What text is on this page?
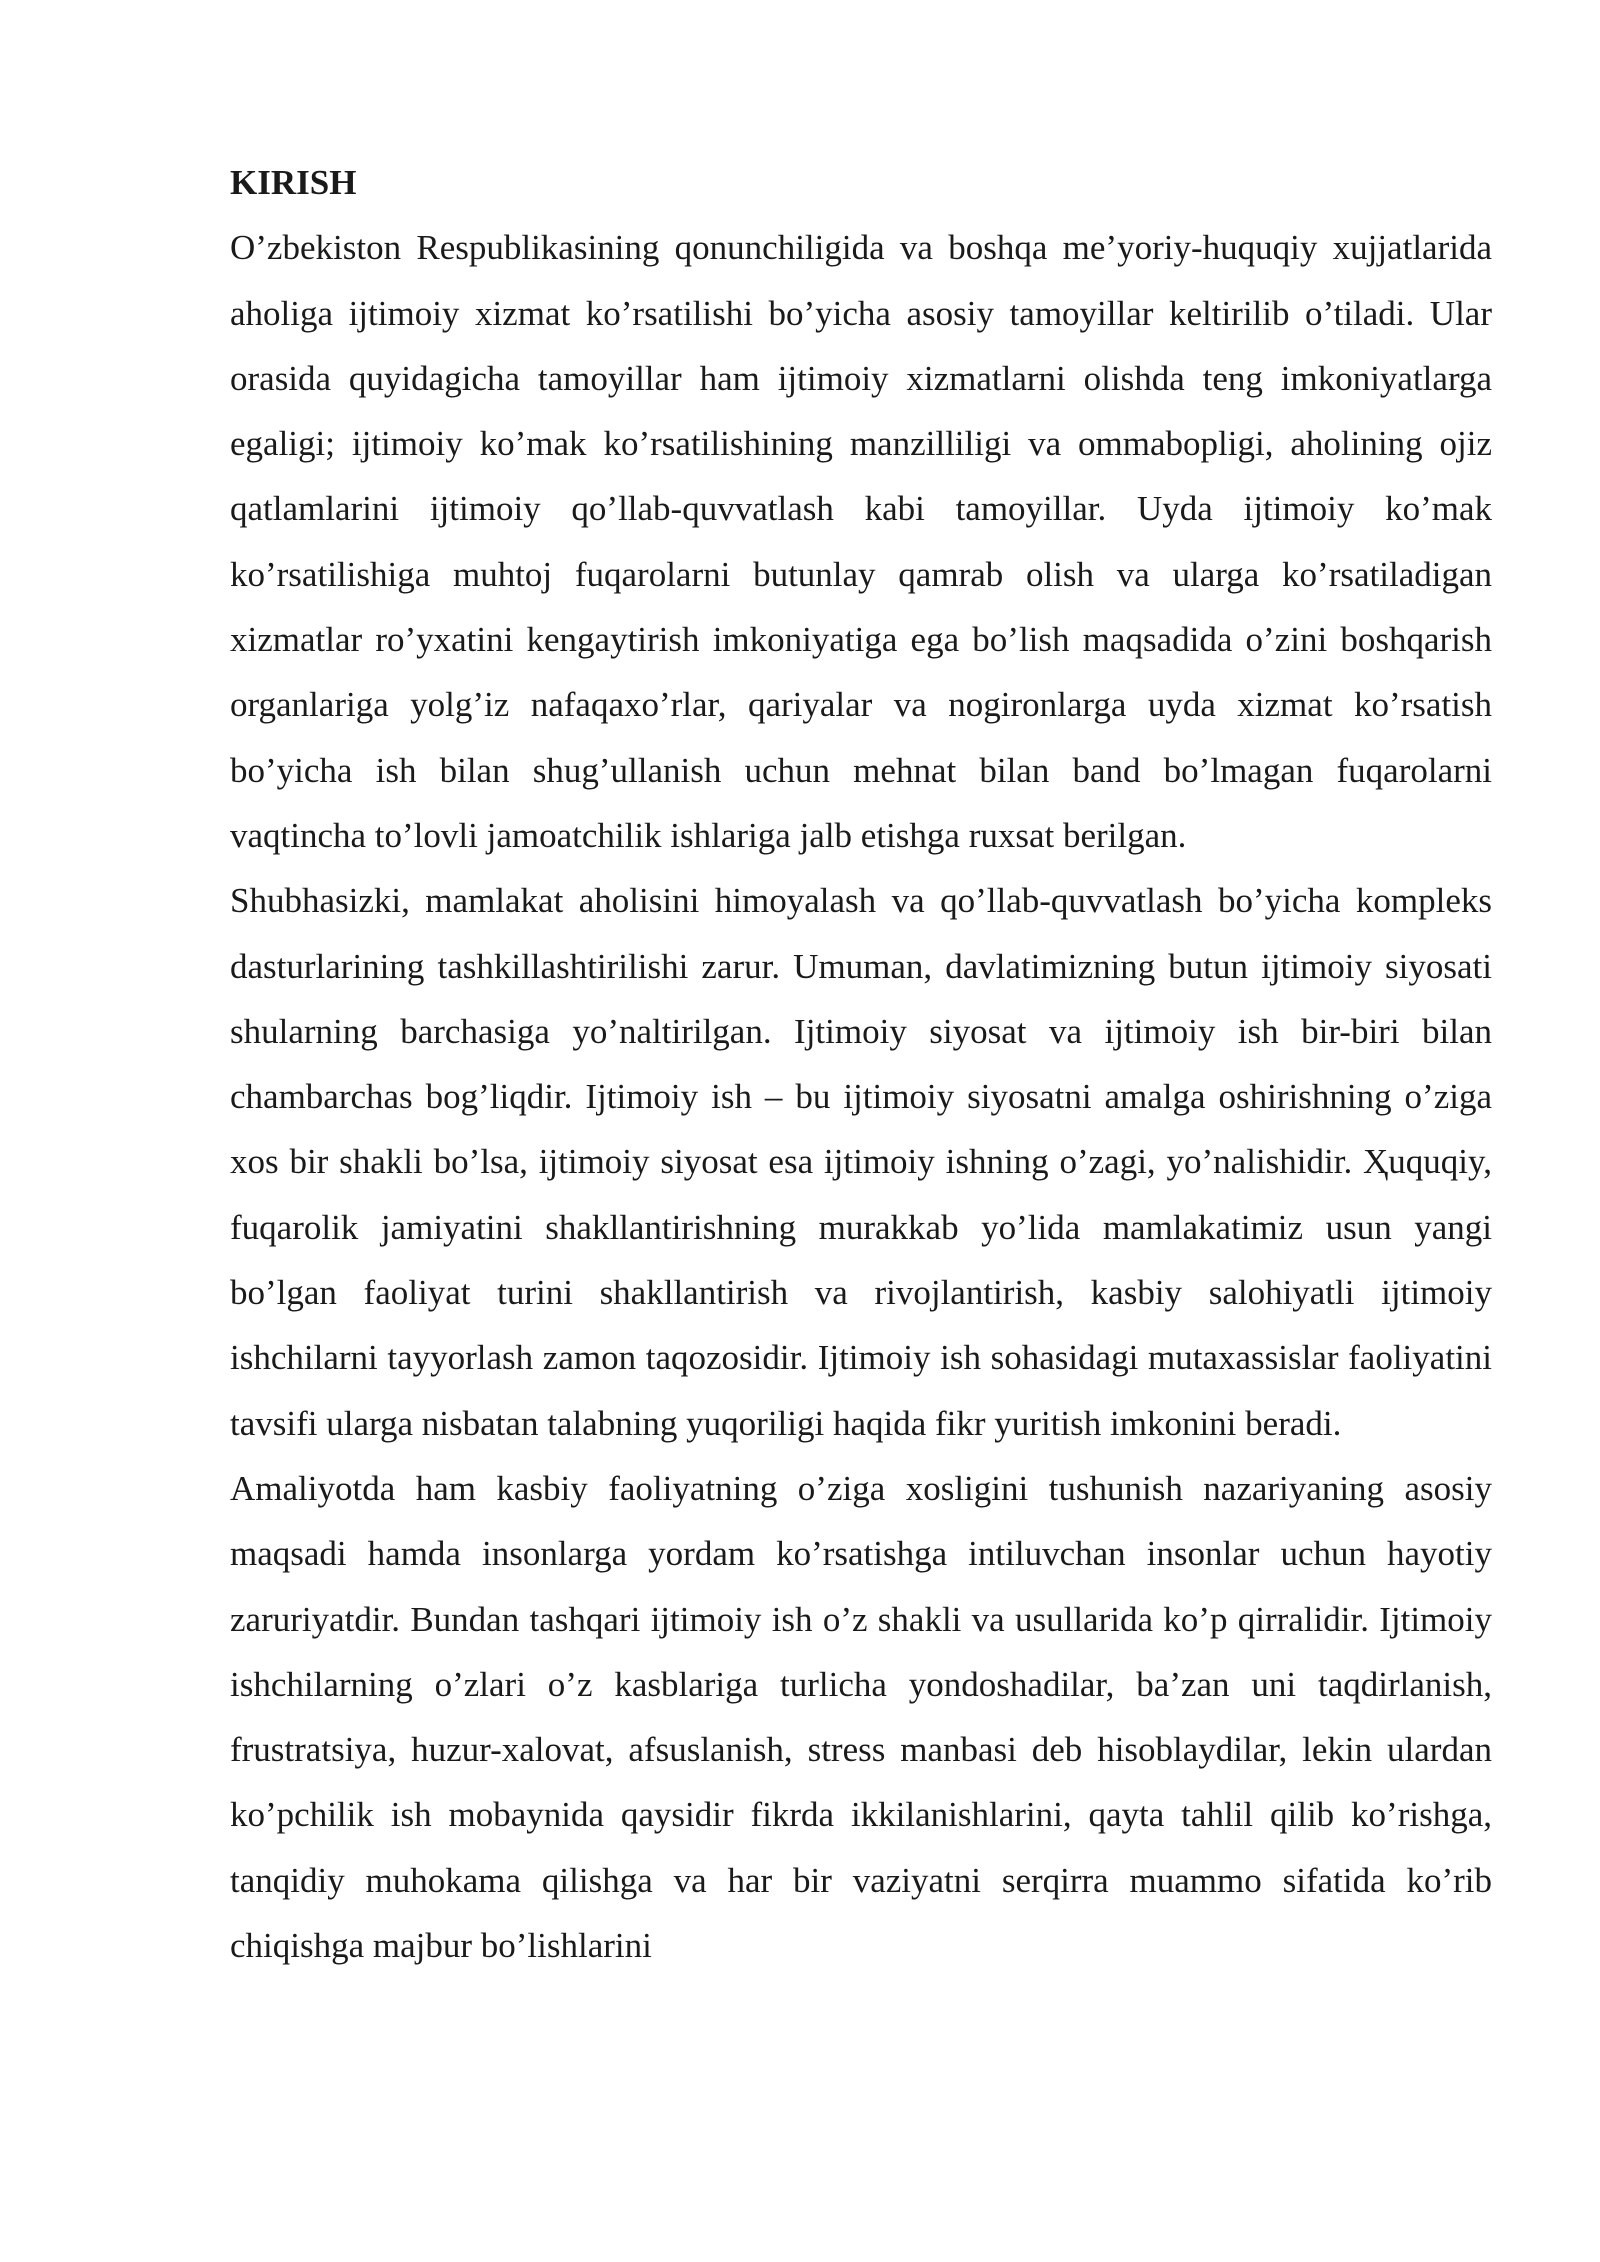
KIRISH

O’zbekiston Respublikasining qonunchiligida va boshqa me’yoriy-huquqiy xujjatlarida aholiga ijtimoiy xizmat ko’rsatilishi bo’yicha asosiy tamoyillar keltirilib o’tiladi. Ular orasida quyidagicha tamoyillar ham ijtimoiy xizmatlarni olishda teng imkoniyatlarga egaligi; ijtimoiy ko’mak ko’rsatilishining manzilliligi va ommabopligi, aholining ojiz qatlamlarini ijtimoiy qo’llab-quvvatlash kabi tamoyillar. Uyda ijtimoiy ko’mak ko’rsatilishiga muhtoj fuqarolarni butunlay qamrab olish va ularga ko’rsatiladigan xizmatlar ro’yxatini kengaytirish imkoniyatiga ega bo’lish maqsadida o’zini boshqarish organlariga yolg’iz nafaqaxo’rlar, qariyalar va nogironlarga uyda xizmat ko’rsatish bo’yicha ish bilan shug’ullanish uchun mehnat bilan band bo’lmagan fuqarolarni vaqtincha to’lovli jamoatchilik ishlariga jalb etishga ruxsat berilgan.

Shubhasizki, mamlakat aholisini himoyalash va qo’llab-quvvatlash bo’yicha kompleks dasturlarining tashkillashtirilishi zarur. Umuman, davlatimizning butun ijtimoiy siyosati shularning barchasiga yo’naltirilgan. Ijtimoiy siyosat va ijtimoiy ish bir-biri bilan chambarchas bog’liqdir. Ijtimoiy ish – bu ijtimoiy siyosatni amalga oshirishning o’ziga xos bir shakli bo’lsa, ijtimoiy siyosat esa ijtimoiy ishning o’zagi, yo’nalishidir. Ҳuquqiy, fuqarolik jamiyatini shakllantirishning murakkab yo’lida mamlakatimiz usun yangi bo’lgan faoliyat turini shakllantirish va rivojlantirish, kasbiy salohiyatli ijtimoiy ishchilarni tayyorlash zamon taqozosidir. Ijtimoiy ish sohasidagi mutaxassislar faoliyatini tavsifi ularga nisbatan talabning yuqoriligi haqida fikr yuritish imkonini beradi.

Amaliyotda ham kasbiy faoliyatning o’ziga xosligini tushunish nazariyaning asosiy maqsadi hamda insonlarga yordam ko’rsatishga intiluvchan insonlar uchun hayotiy zaruriyatdir. Bundan tashqari ijtimoiy ish o’z shakli va usullarida ko’p qirralidir. Ijtimoiy ishchilarning o’zlari o’z kasblariga turlicha yondoshadilar, ba’zan uni taqdirlanish, frustratsiya, huzur-xalovat, afsuslanish, stress manbasi deb hisoblaydilar, lekin ulardan ko’pchilik ish mobaynida qaysidir fikrda ikkilanishlarini, qayta tahlil qilib ko’rishga, tanqidiy muhokama qilishga va har bir vaziyatni serqirra muammo sifatida ko’rib chiqishga majbur bo’lishlarini
